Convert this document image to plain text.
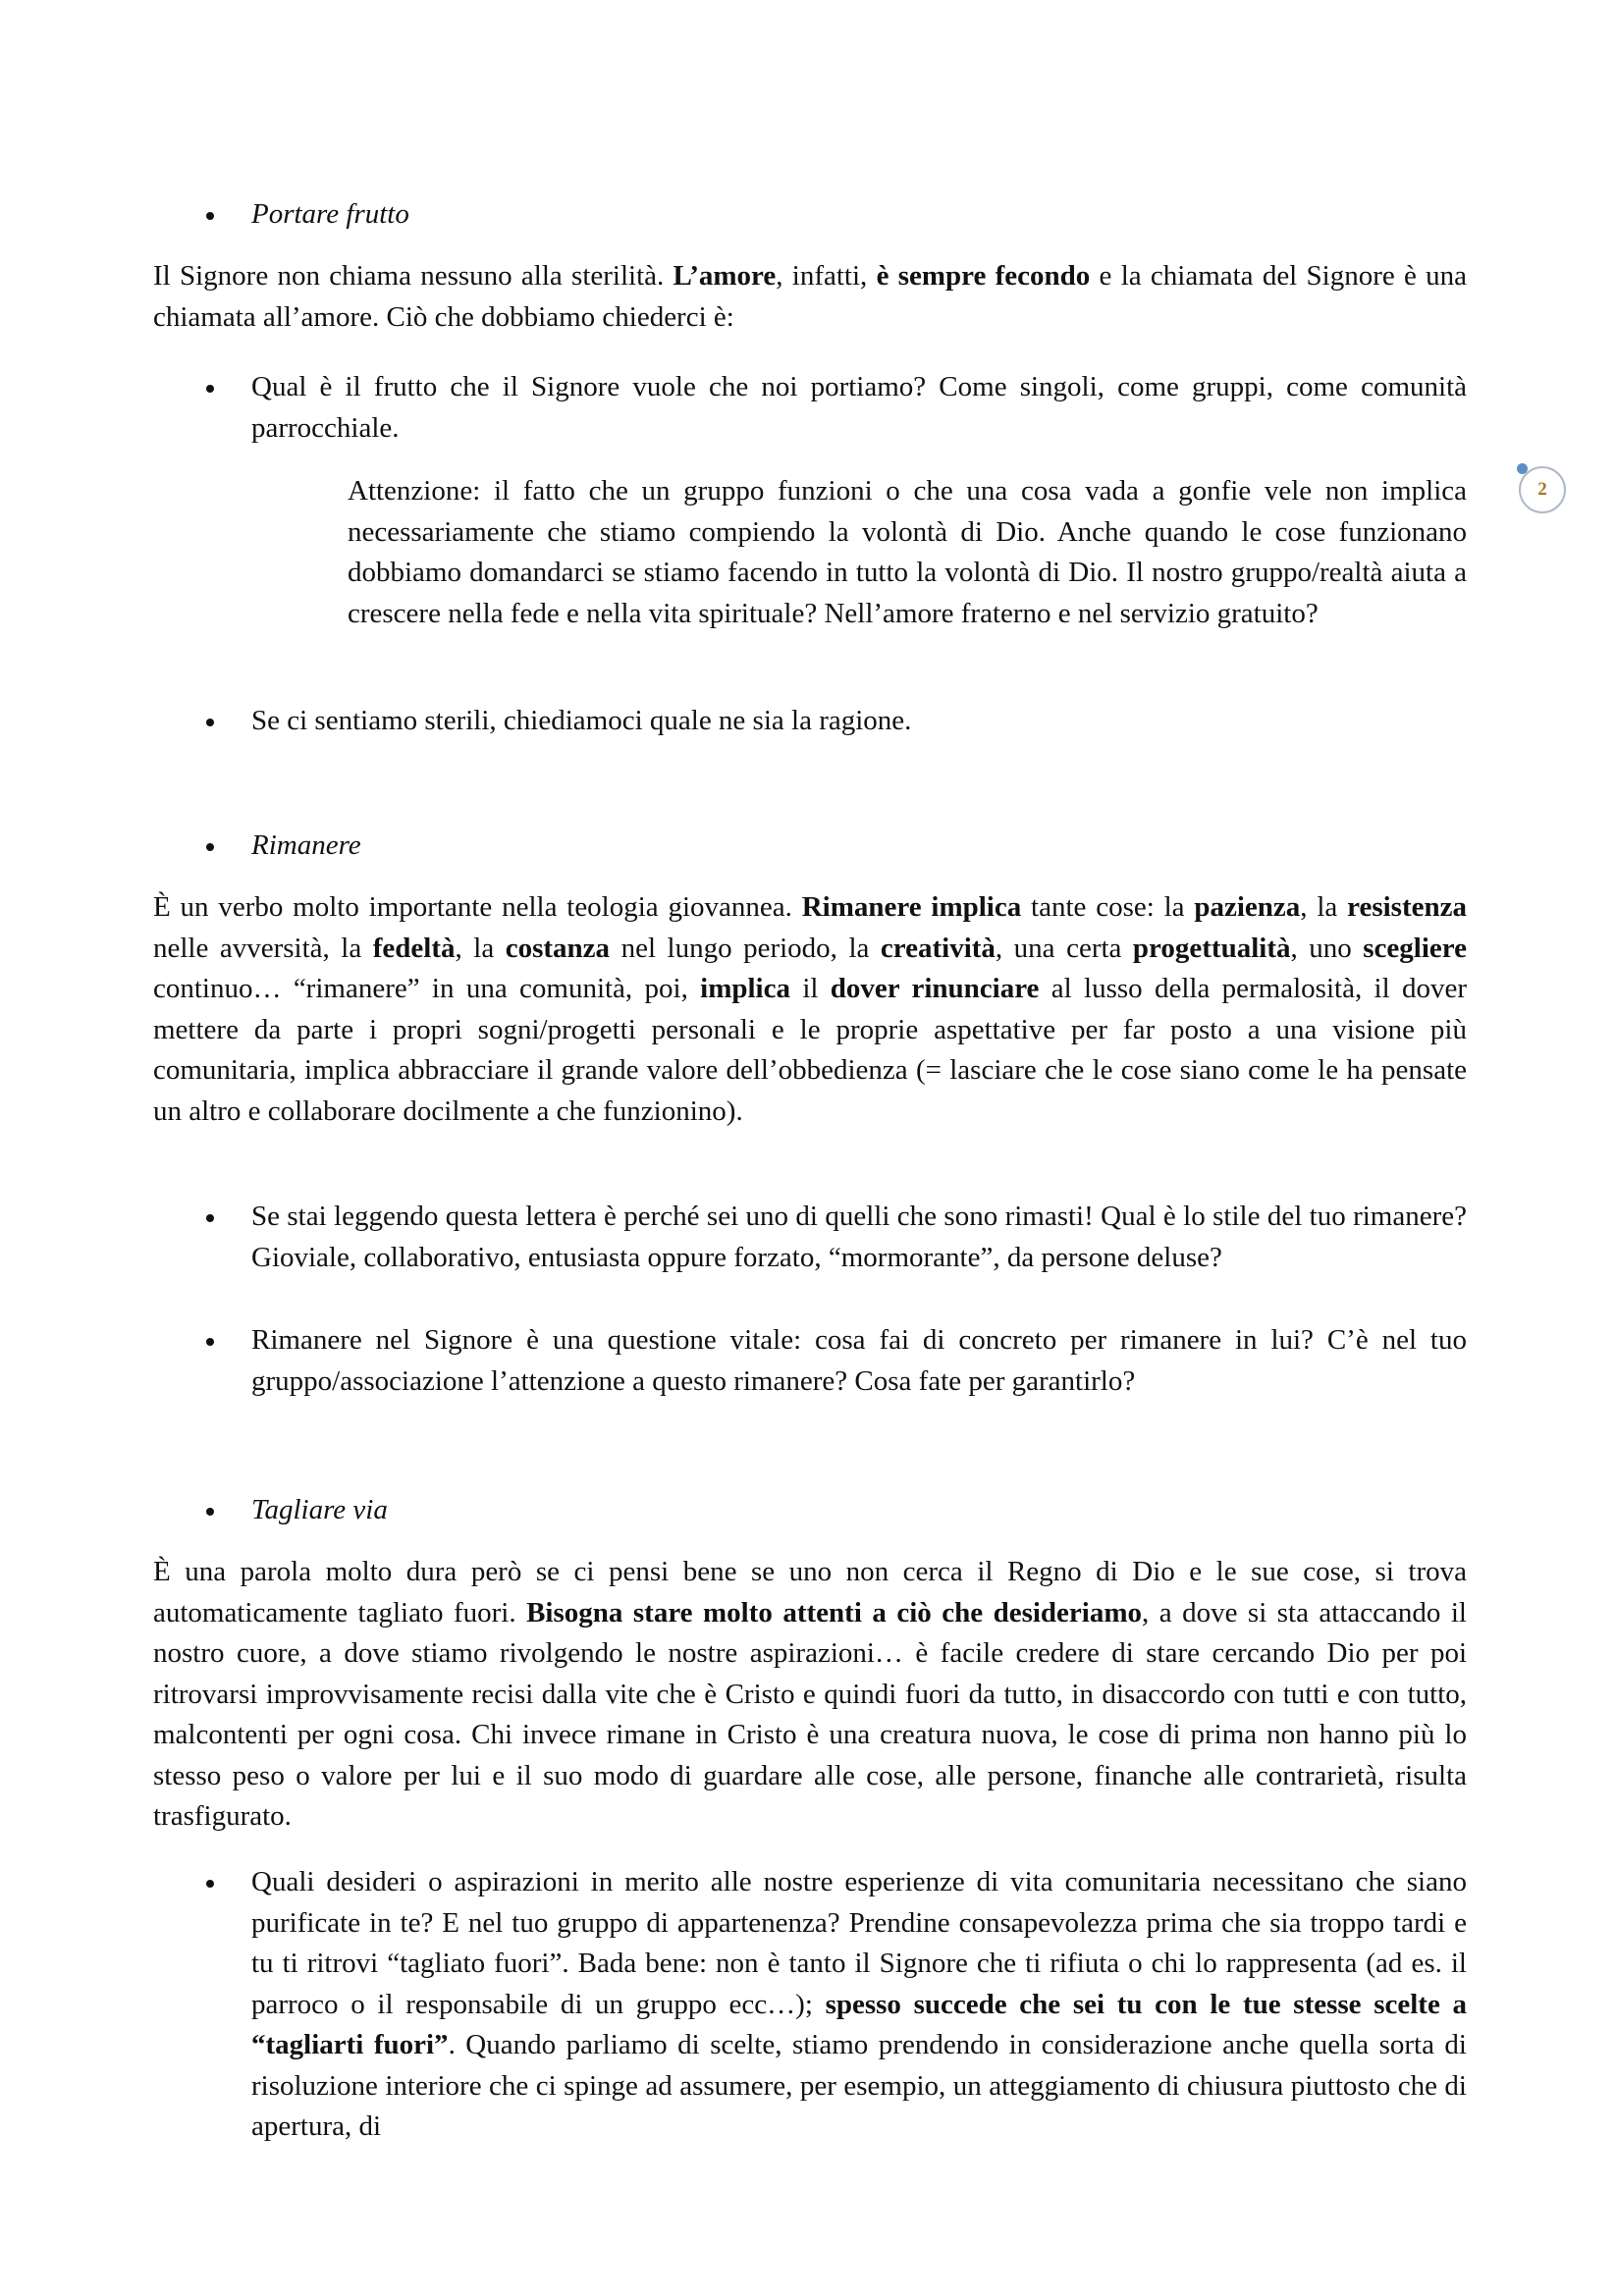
2
Portare frutto
Il Signore non chiama nessuno alla sterilità. L’amore, infatti, è sempre fecondo e la chiamata del Signore è una chiamata all’amore. Ciò che dobbiamo chiederci è:
Qual è il frutto che il Signore vuole che noi portiamo? Come singoli, come gruppi, come comunità parrocchiale.
Attenzione: il fatto che un gruppo funzioni o che una cosa vada a gonfie vele non implica necessariamente che stiamo compiendo la volontà di Dio. Anche quando le cose funzionano dobbiamo domandarci se stiamo facendo in tutto la volontà di Dio. Il nostro gruppo/realtà aiuta a crescere nella fede e nella vita spirituale? Nell’amore fraterno e nel servizio gratuito?
Se ci sentiamo sterili, chiediamoci quale ne sia la ragione.
Rimanere
È un verbo molto importante nella teologia giovannea. Rimanere implica tante cose: la pazienza, la resistenza nelle avversità, la fedeltà, la costanza nel lungo periodo, la creatività, una certa progettualità, uno scegliere continuo… “rimanere” in una comunità, poi, implica il dover rinunciare al lusso della permalosità, il dover mettere da parte i propri sogni/progetti personali e le proprie aspettative per far posto a una visione più comunitaria, implica abbracciare il grande valore dell’obbedienza (= lasciare che le cose siano come le ha pensate un altro e collaborare docilmente a che funzionino).
Se stai leggendo questa lettera è perché sei uno di quelli che sono rimasti! Qual è lo stile del tuo rimanere? Gioviale, collaborativo, entusiasta oppure forzato, “mormorante”, da persone deluse?
Rimanere nel Signore è una questione vitale: cosa fai di concreto per rimanere in lui? C’è nel tuo gruppo/associazione l’attenzione a questo rimanere? Cosa fate per garantirlo?
Tagliare via
È una parola molto dura però se ci pensi bene se uno non cerca il Regno di Dio e le sue cose, si trova automaticamente tagliato fuori. Bisogna stare molto attenti a ciò che desideriamo, a dove si sta attaccando il nostro cuore, a dove stiamo rivolgendo le nostre aspirazioni… è facile credere di stare cercando Dio per poi ritrovarsi improvvisamente recisi dalla vite che è Cristo e quindi fuori da tutto, in disaccordo con tutti e con tutto, malcontenti per ogni cosa. Chi invece rimane in Cristo è una creatura nuova, le cose di prima non hanno più lo stesso peso o valore per lui e il suo modo di guardare alle cose, alle persone, finanche alle contrarietà, risulta trasfigurato.
Quali desideri o aspirazioni in merito alle nostre esperienze di vita comunitaria necessitano che siano purificate in te? E nel tuo gruppo di appartenenza? Prendine consapevolezza prima che sia troppo tardi e tu ti ritrovi “tagliato fuori”. Bada bene: non è tanto il Signore che ti rifiuta o chi lo rappresenta (ad es. il parroco o il responsabile di un gruppo ecc…); spesso succede che sei tu con le tue stesse scelte a “tagliarti fuori”. Quando parliamo di scelte, stiamo prendendo in considerazione anche quella sorta di risoluzione interiore che ci spinge ad assumere, per esempio, un atteggiamento di chiusura piuttosto che di apertura, di
